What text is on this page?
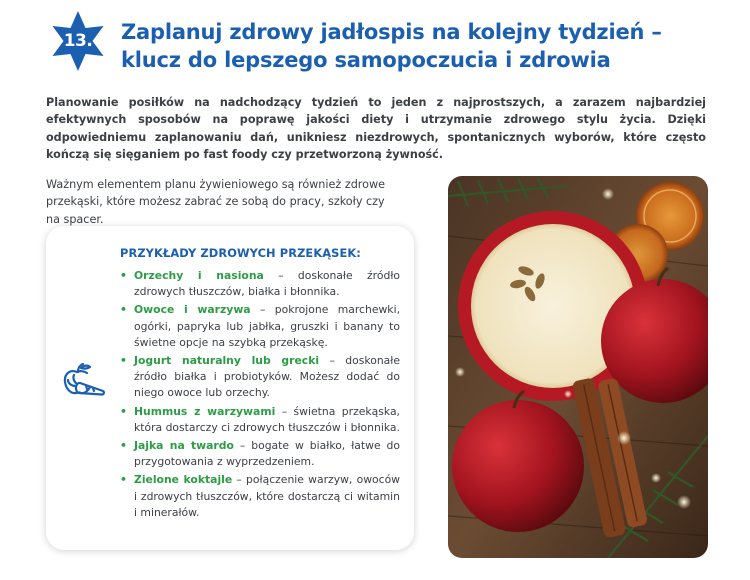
13.	Zaplanuj zdrowy jadłospis na kolejny tydzień – klucz do lepszego samopoczucia i zdrowia

Planowanie posiłków na nadchodzący tydzień to jeden z najprostszych, a zarazem najbardziej efektywnych sposobów na poprawę jakości diety i utrzymanie zdrowego stylu życia. Dzięki odpowiedniemu zaplanowaniu dań, unikniesz niezdrowych, spontanicznych wyborów, które często kończą się sięganiem po fast foody czy przetworzoną żywność.

Ważnym elementem planu żywieniowego są również zdrowe przekąski, które możesz zabrać ze sobą do pracy, szkoły czy na spacer.

PRZYKŁADY ZDROWYCH PRZEKĄSEK:
• Orzechy i nasiona – doskonałe źródło zdrowych tłuszczów, białka i błonnika.
• Owoce i warzywa – pokrojone marchewki, ogórki, papryka lub jabłka, gruszki i banany to świetne opcje na szybką przekąskę.
• Jogurt naturalny lub grecki – doskonałe źródło białka i probiotyków. Możesz dodać do niego owoce lub orzechy.
• Hummus z warzywami – świetna przekąska, która dostarczy ci zdrowych tłuszczów i błonnika.
• Jajka na twardo – bogate w białko, łatwe do przygotowania z wyprzedzeniem.
• Zielone koktajle – połączenie warzyw, owoców i zdrowych tłuszczów, które dostarczą ci witamin i minerałów.
